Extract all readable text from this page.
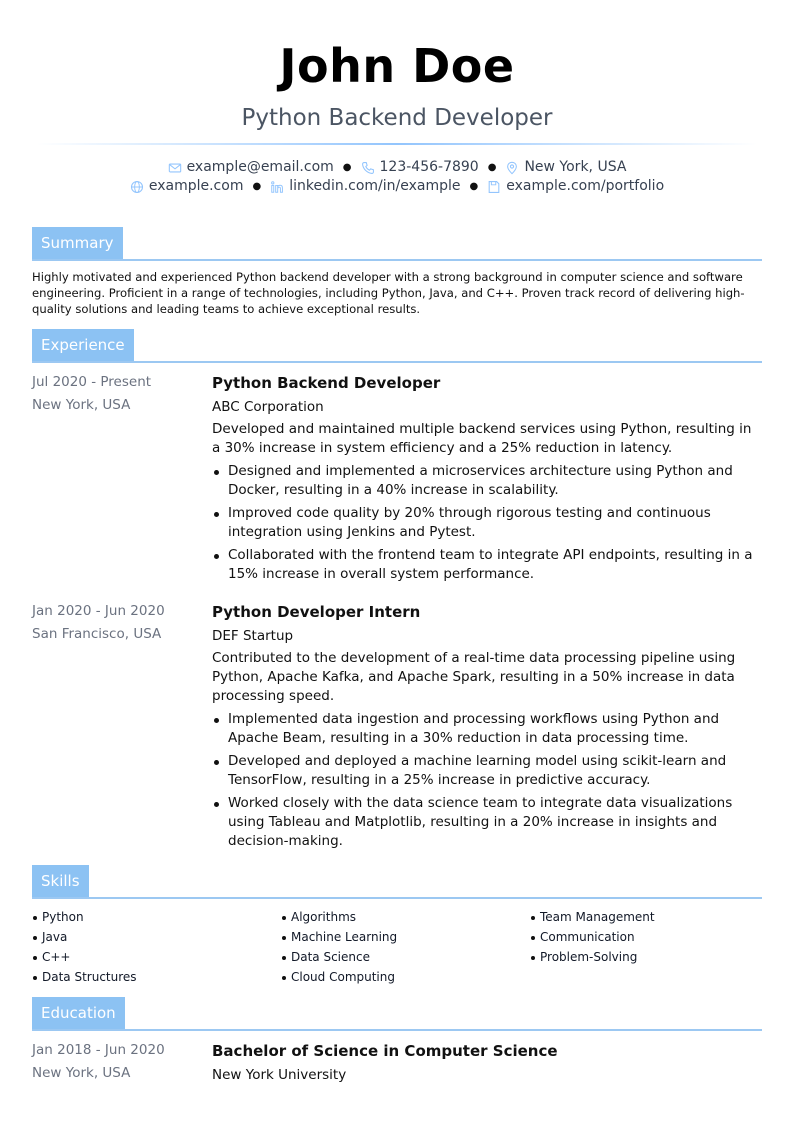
John Doe
Python Backend Developer
example@email.com ● 123-456-7890 ● New York, USA
example.com ● linkedin.com/in/example ● example.com/portfolio
Summary

Highly motivated and experienced Python backend developer with a strong background in computer science and software engineering. Proficient in a range of technologies, including Python, Java, and C++. Proven track record of delivering high-quality solutions and leading teams to achieve exceptional results.

Experience
Jul 2020 - Present
New York, USA
Python Backend Developer
ABC Corporation
Developed and maintained multiple backend services using Python, resulting in a 30% increase in system efficiency and a 25% reduction in latency.
Designed and implemented a microservices architecture using Python and Docker, resulting in a 40% increase in scalability.
Improved code quality by 20% through rigorous testing and continuous integration using Jenkins and Pytest.
Collaborated with the frontend team to integrate API endpoints, resulting in a 15% increase in overall system performance.
Jan 2020 - Jun 2020
San Francisco, USA
Python Developer Intern
DEF Startup
Contributed to the development of a real-time data processing pipeline using Python, Apache Kafka, and Apache Spark, resulting in a 50% increase in data processing speed.
Implemented data ingestion and processing workflows using Python and Apache Beam, resulting in a 30% reduction in data processing time.
Developed and deployed a machine learning model using scikit-learn and TensorFlow, resulting in a 25% increase in predictive accuracy.
Worked closely with the data science team to integrate data visualizations using Tableau and Matplotlib, resulting in a 20% increase in insights and decision-making.
Skills
Python
Java
C++
Data Structures
Algorithms
Machine Learning
Data Science
Cloud Computing
Team Management
Communication
Problem-Solving
Education
Jan 2018 - Jun 2020
New York, USA
Bachelor of Science in Computer Science
New York University
